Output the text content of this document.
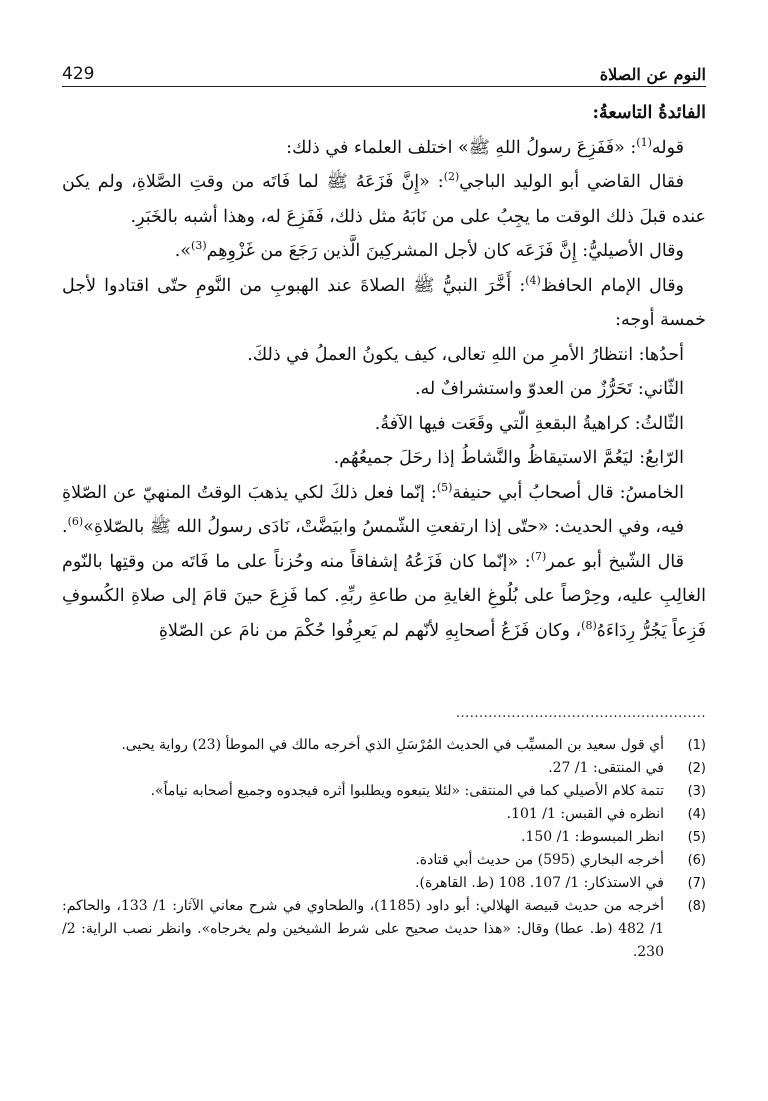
429	النوم عن الصلاة

الفائدةُ التاسعةُ:

قوله$^{(1)}$: «فَفَزِعَ رسولُ اللهِ ﷺ» اختلف العلماء في ذلك:

فقال القاضي أبو الوليد الباجي$^{(2)}$: «إِنَّ فَزَعَهُ ﷺ لما فَاتَه من وقتِ الصَّلاةِ، ولم يكن عنده قبلَ ذلك الوقت ما يجِبُ على من نَابَهُ مثل ذلك، فَفَزِعَ له، وهذا أشبه بالخَبَرِ.

وقال الأصيليُّ: إِنَّ فَزَعَه كان لأجل المشركِينَ الَّذين رَجَعَ من غَزْوِهِم$^{(3)}$».

وقال الإمام الحافظ$^{(4)}$: أَخَّرَ النبيُّ ﷺ الصلاةَ عند الهبوبِ من النَّومِ حتّى اقتادوا لأجل خمسة أوجه:

أحدُها: انتظارُ الأمرِ من اللهِ تعالى، كيف يكونُ العملُ في ذلكَ.

الثّاني: تَحَرُّزٌ من العدوّ واستشرافٌ له.

الثّالثُ: كراهيةُ البقعةِ الّتي وقَعَت فيها الآفةُ.

الرّابعُ: ليَعُمَّ الاستيقاظُ والنَّشاطُ إذا رحَلَ جميعُهُم.

الخامسُ: قال أصحابُ أبي حنيفة$^{(5)}$: إنّما فعل ذلكَ لكي يذهبَ الوقتُ المنهيّ عن الصّلاةِ فيه، وفي الحديث: «حتّى إذا ارتفعتِ الشّمسُ وابيَضَّتْ، نَادَى رسولُ الله ﷺ بالصّلاةِ»$^{(6)}$.

قال الشّيخ أبو عمر$^{(7)}$: «إنّما كان فَزَعُهُ إشفاقاً منه وحُزناً على ما فَاتَه من وقتِها بالنّوم الغالِبِ عليه، وحِرْصاً على بُلُوغِ الغايةِ من طاعةِ ربِّهِ. كما فَزِعَ حينَ قامَ إلى صلاةِ الكُسوفِ فَزِعاً يَجُرُّ رِدَاءَهُ$^{(8)}$، وكان فَزَعُ أصحابِهِ لأنّهم لم يَعرِفُوا حُكْمَ من نامَ عن الصّلاةِ

......................................................
(1)
أي قول سعيد بن المسيِّب في الحديث المُرْسَلِ الذي أخرجه مالك في الموطأ (23) رواية يحيى.
(2)
في المنتقى: 1/ 27.
(3)
تتمة كلام الأصيلي كما في المنتقى: «لئلا يتبعوه ويطلبوا أثره فيجدوه وجميع أصحابه نياماً».
(4)
انظره في القبس: 1/ 101.
(5)
انظر المبسوط: 1/ 150.
(6)
أخرجه البخاري (595) من حديث أبي قتادة.
(7)
في الاستذكار: 1/ 107. 108 (ط. القاهرة).
(8)
أخرجه من حديث قبيصة الهلالي: أبو داود (1185)، والطحاوي في شرح معاني الآثار: 1/ 133، والحاكم: 1/ 482 (ط. عطا) وقال: «هذا حديث صحيح على شرط الشيخين ولم يخرجاه». وانظر نصب الراية: 2/ 230.
